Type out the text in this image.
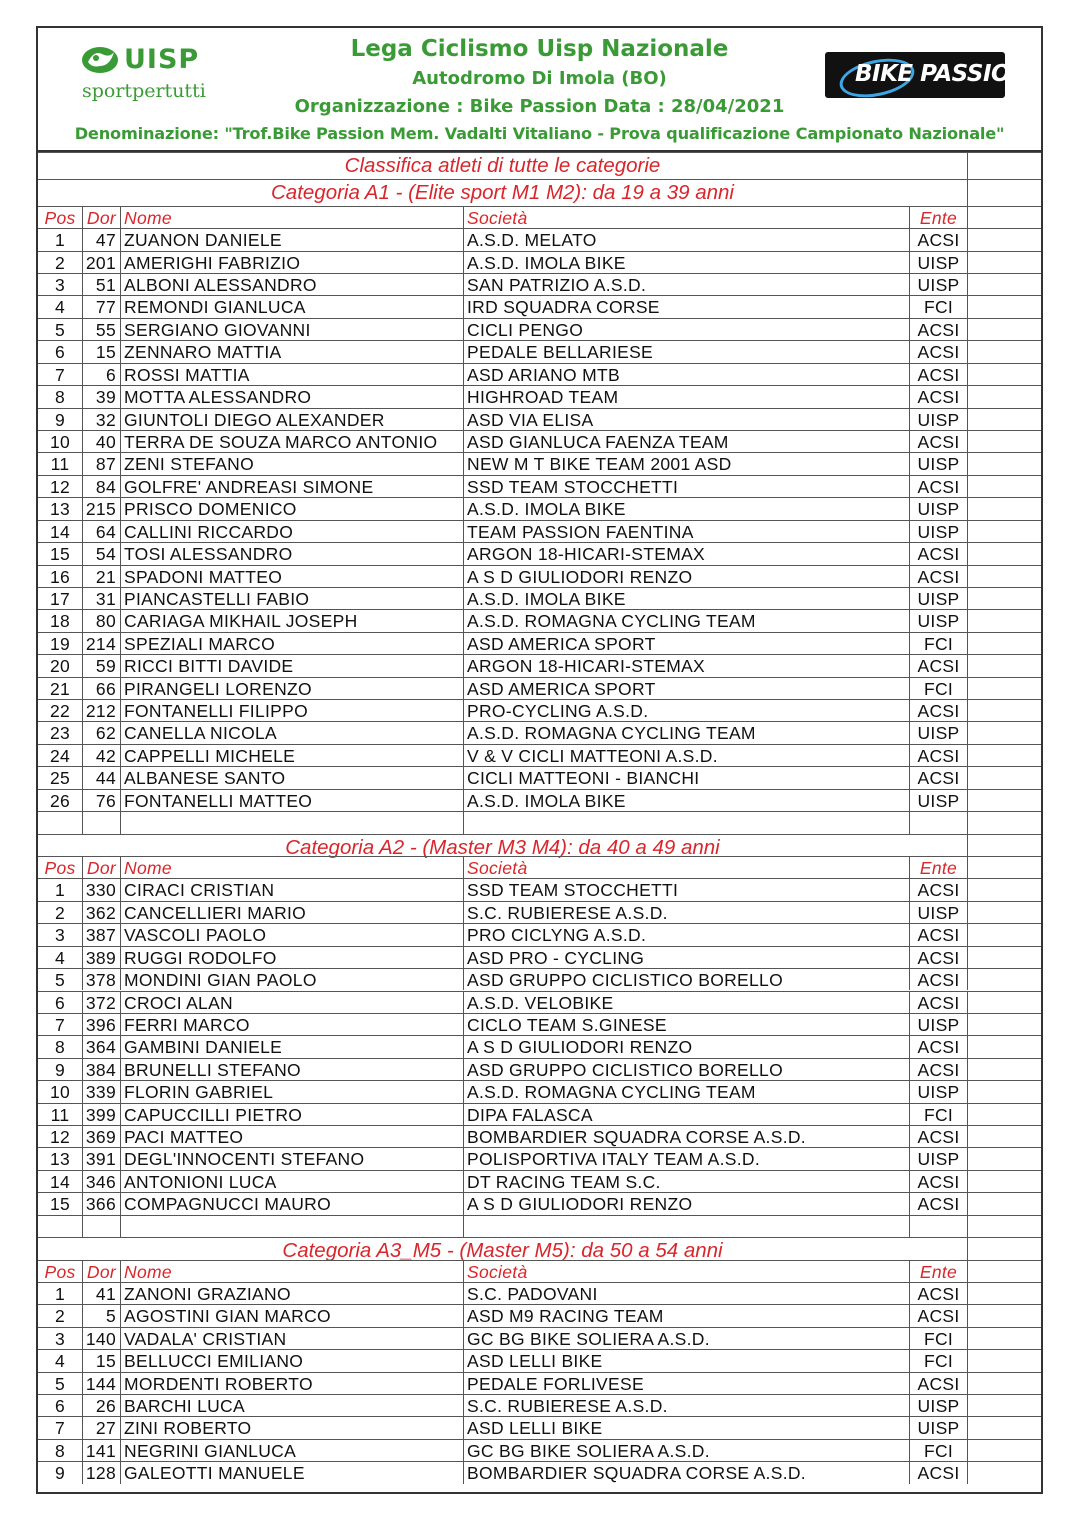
UISP
sportpertutti
Lega Ciclismo Uisp Nazionale
Autodromo Di Imola (BO)
Organizzazione : Bike Passion Data : 28/04/2021
Denominazione: "Trof.Bike Passion Mem. Vadalti Vitaliano - Prova qualificazione Campionato Nazionale"
BIKE PASSION
Classifica atleti di tutte le categorie
Categoria A1 - (Elite sport M1 M2): da 19 a 39 anni
Pos Dor Nome	Società	Ente
1	47 ZUANON DANIELE	A.S.D. MELATO	ACSI
2	201 AMERIGHI FABRIZIO	A.S.D. IMOLA BIKE	UISP
3	51 ALBONI ALESSANDRO	SAN PATRIZIO A.S.D.	UISP
4	77 REMONDI GIANLUCA	IRD SQUADRA CORSE	FCI
5	55 SERGIANO GIOVANNI	CICLI PENGO	ACSI
6	15 ZENNARO MATTIA	PEDALE BELLARIESE	ACSI
7	6 ROSSI MATTIA	ASD ARIANO MTB	ACSI
8	39 MOTTA ALESSANDRO	HIGHROAD TEAM	ACSI
9	32 GIUNTOLI DIEGO ALEXANDER	ASD VIA ELISA	UISP
10	40 TERRA DE SOUZA MARCO ANTONIO	ASD GIANLUCA FAENZA TEAM	ACSI
11	87 ZENI STEFANO	NEW M T BIKE TEAM 2001 ASD	UISP
12	84 GOLFRE' ANDREASI SIMONE	SSD TEAM STOCCHETTI	ACSI
13 215 PRISCO DOMENICO	A.S.D. IMOLA BIKE	UISP
14	64 CALLINI RICCARDO	TEAM PASSION FAENTINA	UISP
15	54 TOSI ALESSANDRO	ARGON 18-HICARI-STEMAX	ACSI
16	21 SPADONI MATTEO	A S D GIULIODORI RENZO	ACSI
17	31 PIANCASTELLI FABIO	A.S.D. IMOLA BIKE	UISP
18	80 CARIAGA MIKHAIL JOSEPH	A.S.D. ROMAGNA CYCLING TEAM	UISP
19 214 SPEZIALI MARCO	ASD AMERICA SPORT	FCI
20	59 RICCI BITTI DAVIDE	ARGON 18-HICARI-STEMAX	ACSI
21	66 PIRANGELI LORENZO	ASD AMERICA SPORT	FCI
22 212 FONTANELLI FILIPPO	PRO-CYCLING A.S.D.	ACSI
23	62 CANELLA NICOLA	A.S.D. ROMAGNA CYCLING TEAM	UISP
24	42 CAPPELLI MICHELE	V & V CICLI MATTEONI A.S.D.	ACSI
25	44 ALBANESE SANTO	CICLI MATTEONI - BIANCHI	ACSI
26	76 FONTANELLI MATTEO	A.S.D. IMOLA BIKE	UISP
Categoria A2 - (Master M3 M4): da 40 a 49 anni
Pos Dor Nome	Società	Ente
1	330 CIRACI CRISTIAN	SSD TEAM STOCCHETTI	ACSI
2	362 CANCELLIERI MARIO	S.C. RUBIERESE A.S.D.	UISP
3	387 VASCOLI PAOLO	PRO CICLYNG A.S.D.	ACSI
4	389 RUGGI RODOLFO	ASD PRO - CYCLING	ACSI
5	378 MONDINI GIAN PAOLO	ASD GRUPPO CICLISTICO BORELLO	ACSI
6	372 CROCI ALAN	A.S.D. VELOBIKE	ACSI
7	396 FERRI MARCO	CICLO TEAM S.GINESE	UISP
8	364 GAMBINI DANIELE	A S D GIULIODORI RENZO	ACSI
9	384 BRUNELLI STEFANO	ASD GRUPPO CICLISTICO BORELLO	ACSI
10 339 FLORIN GABRIEL	A.S.D. ROMAGNA CYCLING TEAM	UISP
11 399 CAPUCCILLI PIETRO	DIPA FALASCA	FCI
12 369 PACI MATTEO	BOMBARDIER SQUADRA CORSE A.S.D.	ACSI
13 391 DEGL'INNOCENTI STEFANO	POLISPORTIVA ITALY TEAM A.S.D.	UISP
14 346 ANTONIONI LUCA	DT RACING TEAM S.C.	ACSI
15 366 COMPAGNUCCI MAURO	A S D GIULIODORI RENZO	ACSI
Categoria A3_M5 - (Master M5): da 50 a 54 anni
Pos Dor Nome	Società	Ente
1	41 ZANONI GRAZIANO	S.C. PADOVANI	ACSI
2	5 AGOSTINI GIAN MARCO	ASD M9 RACING TEAM	ACSI
3	140 VADALA' CRISTIAN	GC BG BIKE SOLIERA A.S.D.	FCI
4	15 BELLUCCI EMILIANO	ASD LELLI BIKE	FCI
5	144 MORDENTI ROBERTO	PEDALE FORLIVESE	ACSI
6	26 BARCHI LUCA	S.C. RUBIERESE A.S.D.	UISP
7	27 ZINI ROBERTO	ASD LELLI BIKE	UISP
8	141 NEGRINI GIANLUCA	GC BG BIKE SOLIERA A.S.D.	FCI
9	128 GALEOTTI MANUELE	BOMBARDIER SQUADRA CORSE A.S.D.	ACSI
